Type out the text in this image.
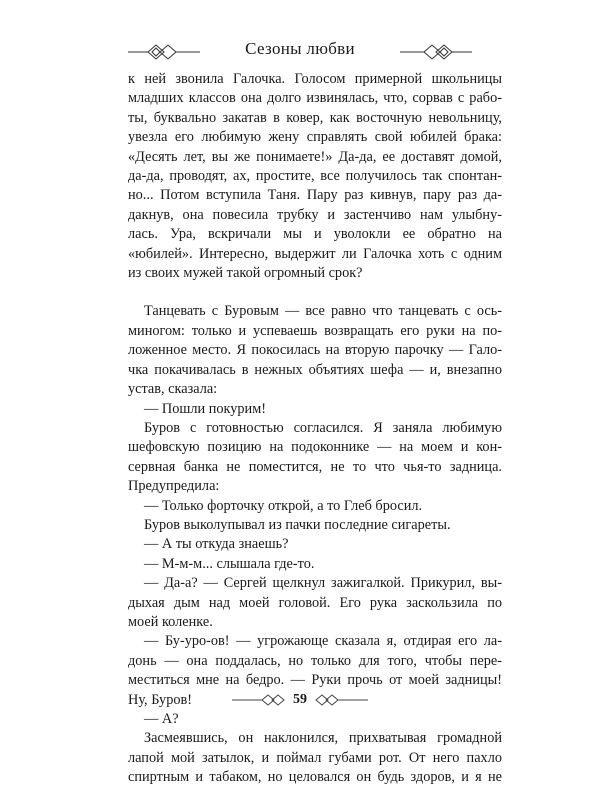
Сезоны любви

к ней звонила Галочка. Голосом примерной школьницы

младших классов она долго извинялась, что, сорвав с рабо-

ты, буквально закатав в ковер, как восточную невольницу,

увезла его любимую жену справлять свой юбилей брака:

«Десять лет, вы же понимаете!» Да-да, ее доставят домой,

да-да, проводят, ах, простите, все получилось так спонтан-

но... Потом вступила Таня. Пару раз кивнув, пару раз да-

дакнув, она повесила трубку и застенчиво нам улыбну-

лась. Ура, вскричали мы и уволокли ее обратно на

«юбилей». Интересно, выдержит ли Галочка хоть с одним

из своих мужей такой огромный срок?

Танцевать с Буровым — все равно что танцевать с ось-

миногом: только и успеваешь возвращать его руки на по-

ложенное место. Я покосилась на вторую парочку — Гало-

чка покачивалась в нежных объятиях шефа — и, внезапно

устав, сказала:

— Пошли покурим!

Буров с готовностью согласился. Я заняла любимую

шефовскую позицию на подоконнике — на моем и кон-

сервная банка не поместится, не то что чья-то задница.

Предупредила:

— Только форточку открой, а то Глеб бросил.

Буров выколупывал из пачки последние сигареты.

— А ты откуда знаешь?

— М-м-м... слышала где-то.

— Да-а? — Сергей щелкнул зажигалкой. Прикурил, вы-

дыхая дым над моей головой. Его рука заскользила по

моей коленке.

— Бу-уро-ов! — угрожающе сказала я, отдирая его ла-

донь — она поддалась, но только для того, чтобы пере-

меститься мне на бедро. — Руки прочь от моей задницы!

Ну, Буров!

— А?

Засмеявшись, он наклонился, прихватывая громадной

лапой мой затылок, и поймал губами рот. От него пахло

спиртным и табаком, но целовался он будь здоров, и я не

59
